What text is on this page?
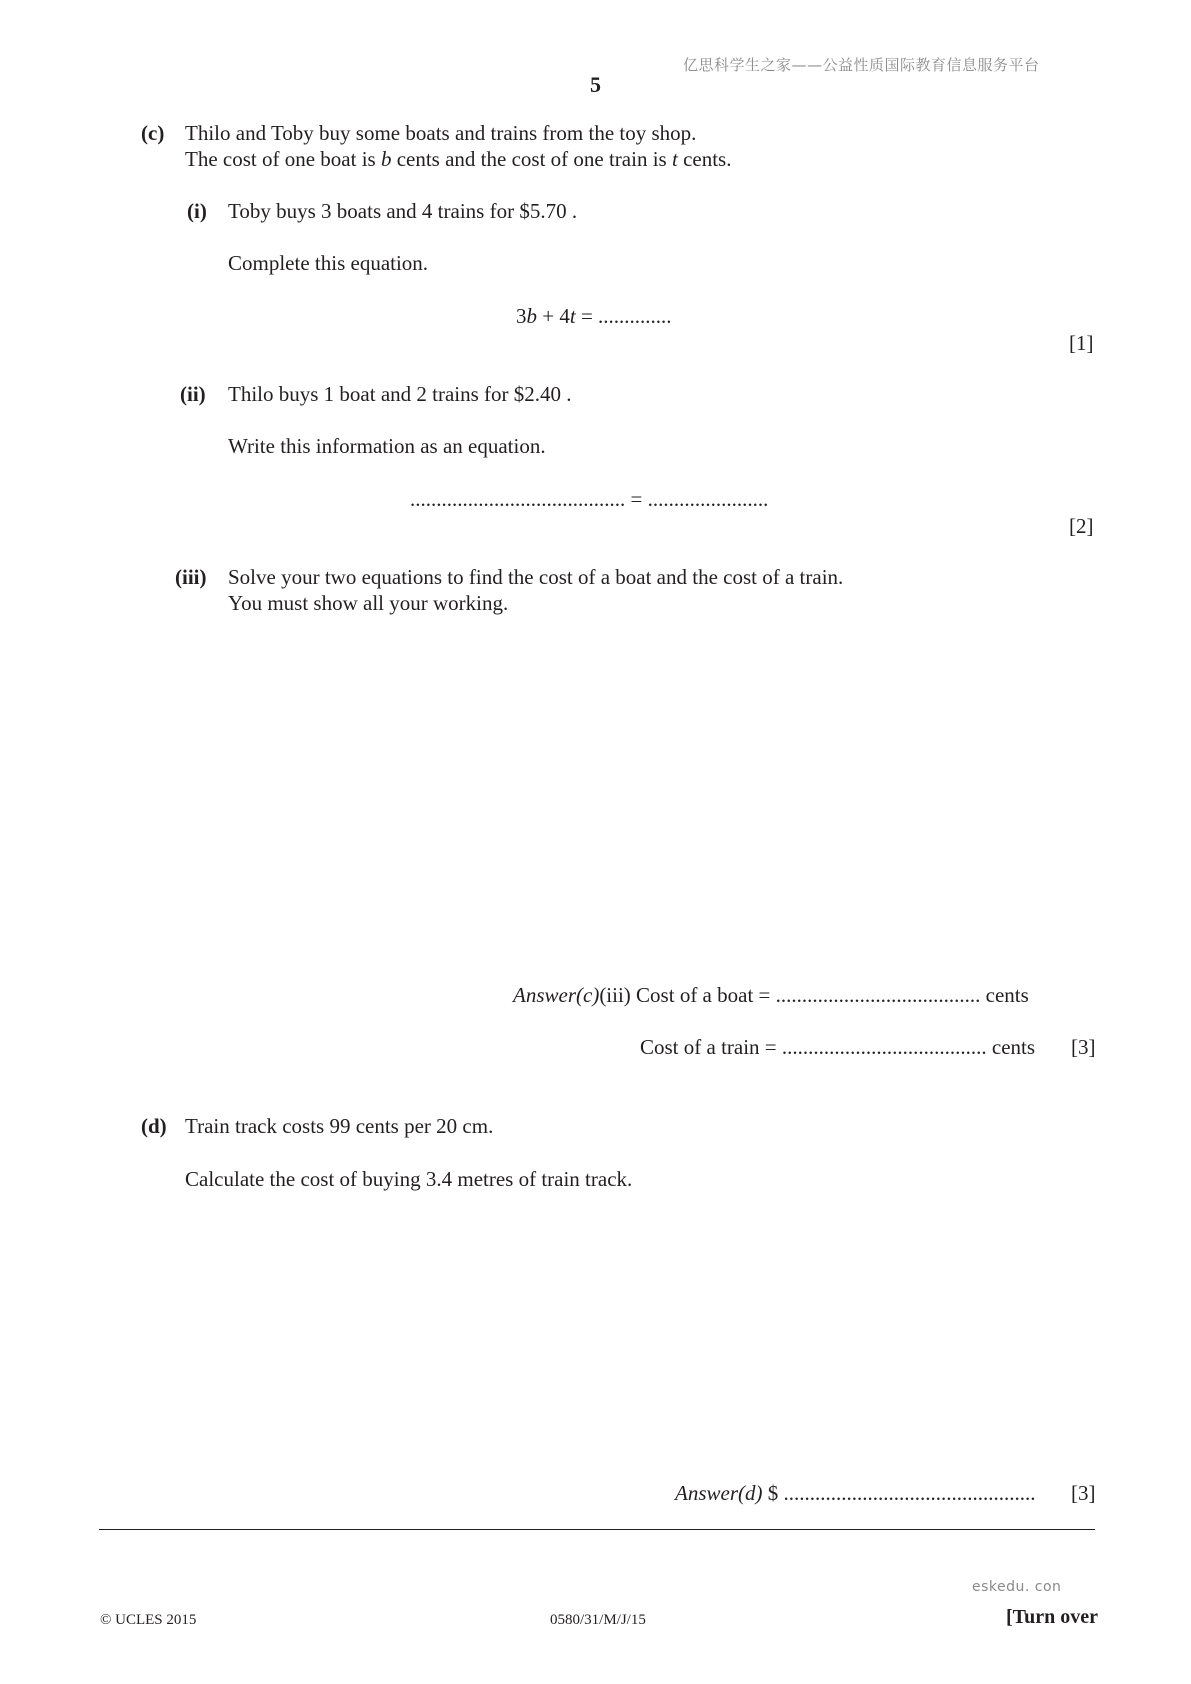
亿思科学生之家——公益性质国际教育信息服务平台
5
(c) Thilo and Toby buy some boats and trains from the toy shop.
The cost of one boat is b cents and the cost of one train is t cents.
(i) Toby buys 3 boats and 4 trains for $5.70 .
Complete this equation.
3b + 4t = ..............
[1]
(ii) Thilo buys 1 boat and 2 trains for $2.40 .
Write this information as an equation.
......................................... = .......................
[2]
(iii) Solve your two equations to find the cost of a boat and the cost of a train.
You must show all your working.
Answer(c)(iii) Cost of a boat = ....................................... cents
Cost of a train = ....................................... cents [3]
(d) Train track costs 99 cents per 20 cm.
Calculate the cost of buying 3.4 metres of train track.
Answer(d) $ ................................................ [3]
eskedu. con
© UCLES 2015	0580/31/M/J/15	[Turn over
